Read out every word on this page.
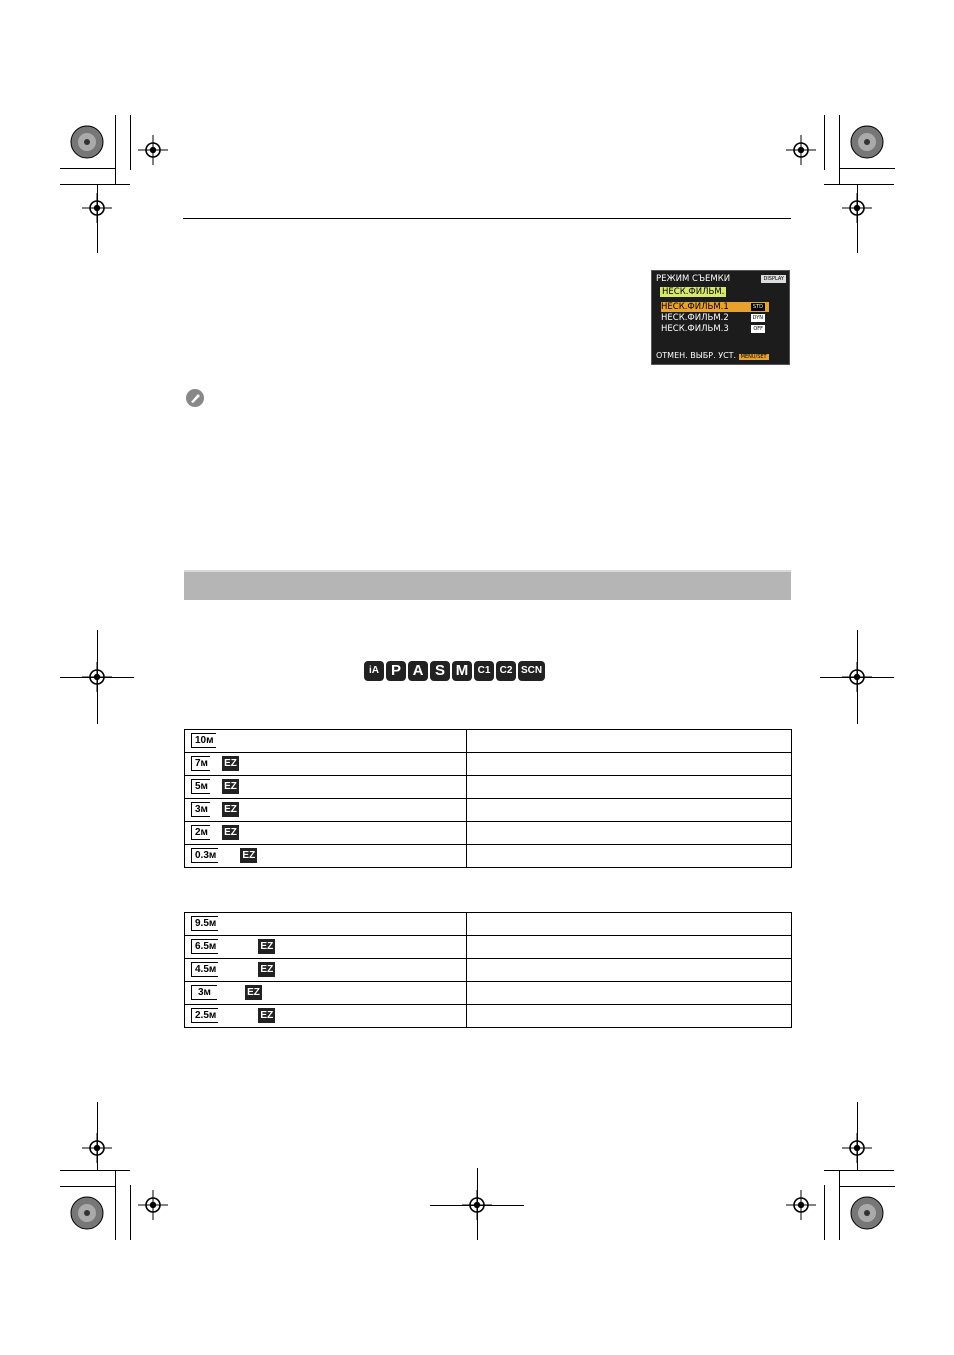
РЕЖИМ СЪЕМКИ	DISPLAY
НЕСК.ФИЛЬМ.
НЕСК.ФИЛЬМ.1	STD
НЕСК.ФИЛЬМ.2	DYN
НЕСК.ФИЛЬМ.3	OFF
ОТМЕН. ВЫБР. УСТ. MENU/SET
iA P A S M C1 C2 SCN
10м	
7м EZ	
5м EZ	
3м EZ	
2м EZ	
0.3м EZ	
9.5м	
6.5м EZ	
4.5м EZ	
3м EZ	
2.5м EZ	
